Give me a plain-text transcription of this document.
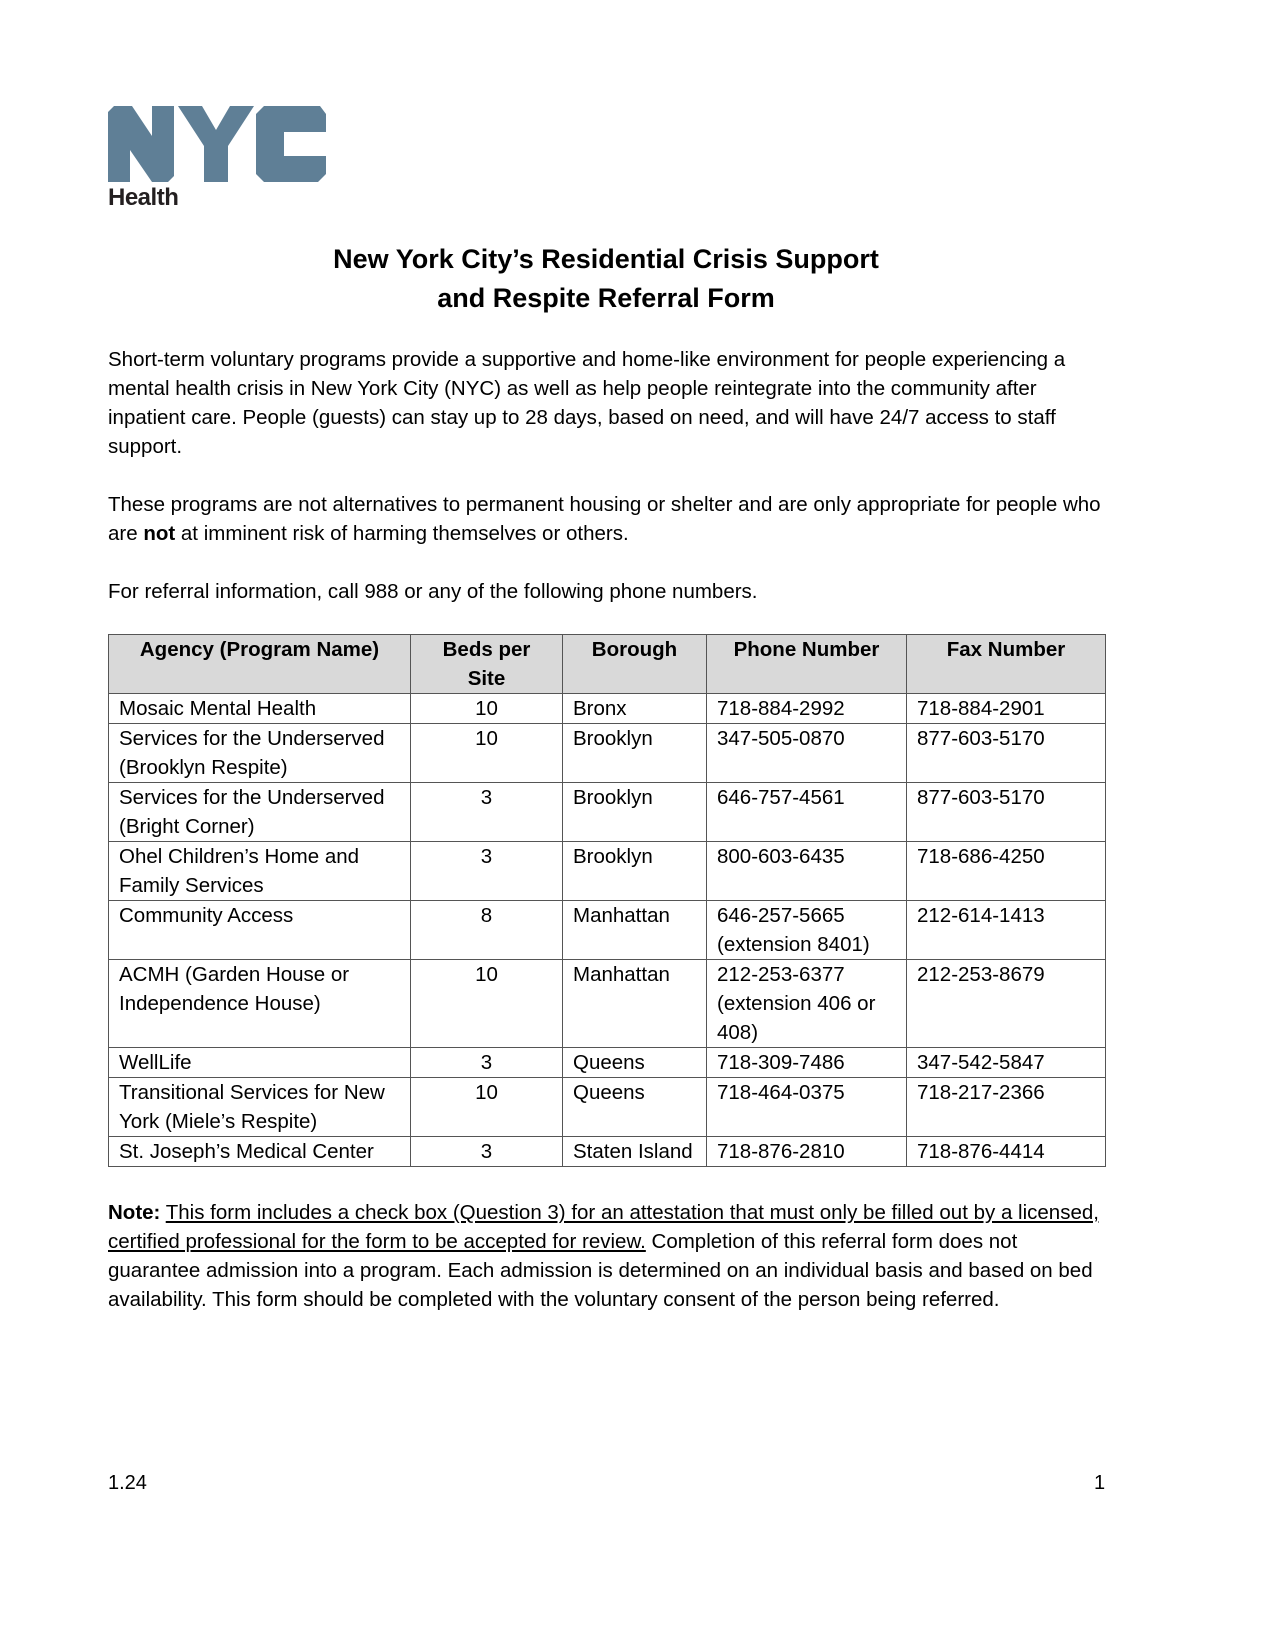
Health
New York City’s Residential Crisis Support
and Respite Referral Form
Short-term voluntary programs provide a supportive and home-like environment for people experiencing a mental health crisis in New York City (NYC) as well as help people reintegrate into the community after inpatient care. People (guests) can stay up to 28 days, based on need, and will have 24/7 access to staff support.
These programs are not alternatives to permanent housing or shelter and are only appropriate for people who are not at imminent risk of harming themselves or others.
For referral information, call 988 or any of the following phone numbers.
Agency (Program Name)	Beds per Site	Borough	Phone Number	Fax Number
Mosaic Mental Health	10	Bronx	718-884-2992	718-884-2901
Services for the Underserved (Brooklyn Respite)	10	Brooklyn	347-505-0870	877-603-5170
Services for the Underserved (Bright Corner)	3	Brooklyn	646-757-4561	877-603-5170
Ohel Children’s Home and Family Services	3	Brooklyn	800-603-6435	718-686-4250
Community Access	8	Manhattan	646-257-5665 (extension 8401)	212-614-1413
ACMH (Garden House or Independence House)	10	Manhattan	212-253-6377 (extension 406 or 408)	212-253-8679
WellLife	3	Queens	718-309-7486	347-542-5847
Transitional Services for New York (Miele’s Respite)	10	Queens	718-464-0375	718-217-2366
St. Joseph’s Medical Center	3	Staten Island	718-876-2810	718-876-4414
Note: This form includes a check box (Question 3) for an attestation that must only be filled out by a licensed, certified professional for the form to be accepted for review. Completion of this referral form does not guarantee admission into a program. Each admission is determined on an individual basis and based on bed availability. This form should be completed with the voluntary consent of the person being referred.
1.24	1
